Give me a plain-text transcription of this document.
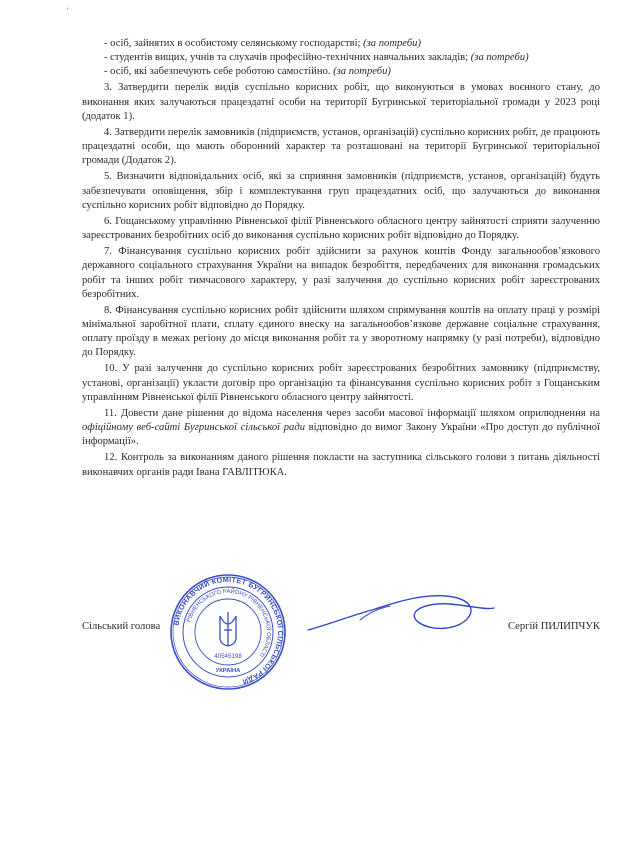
’

- осіб, зайнятих в особистому селянському господарстві; (за потреби)

- студентів вищих, учнів та слухачів професійно-технічних навчальних закладів; (за потреби)

- осіб, які забезпечують себе роботою самостійно. (за потреби)

3. Затвердити перелік видів суспільно корисних робіт, що виконуються в умовах воєнного стану, до виконання яких залучаються працездатні особи на території Бугринської територіальної громади у 2023 році (додаток 1).

4. Затвердити перелік замовників (підприємств, установ, організацій) суспільно корисних робіт, де працюють працездатні особи, що мають оборонний характер та розташовані на території Бугринської територіальної громади (Додаток 2).

5. Визначити відповідальних осіб, які за сприяння замовників (підприємств, установ, організацій) будуть забезпечувати оповіщення, збір і комплектування груп працездатних осіб, що залучаються до виконання суспільно корисних робіт відповідно до Порядку.

6. Гощанському управлінню Рівненської філії Рівненського обласного центру зайнятості сприяти залученню зареєстрованих безробітних осіб до виконання суспільно корисних робіт відповідно до Порядку.

7. Фінансування суспільно корисних робіт здійснити за рахунок коштів Фонду загальнообов’язкового державного соціального страхування України на випадок безробіття, передбачених для виконання громадських робіт та інших робіт тимчасового характеру, у разі залучення до суспільно корисних робіт зареєстрованих безробітних.

8. Фінансування суспільно корисних робіт здійснити шляхом спрямування коштів на оплату праці у розмірі мінімальної заробітної плати, сплату єдиного внеску на загальнообов’язкове державне соціальне страхування, оплату проїзду в межах регіону до місця виконання робіт та у зворотному напрямку (у разі потреби), відповідно до Порядку.

10. У разі залучення до суспільно корисних робіт зареєстрованих безробітних замовнику (підприємству, установі, організації) укласти договір про організацію та фінансування суспільно корисних робіт з Гощанським управлінням Рівненської філії Рівненського обласного центру зайнятості.

11. Довести дане рішення до відома населення через засоби масової інформації шляхом оприлюднення на офіційному веб-сайті Бугринської сільської ради відповідно до вимог Закону України «Про доступ до публічної інформації».

12. Контроль за виконанням даного рішення покласти на заступника сільського голови з питань діяльності виконавчих органів ради Івана ГАВЛІТЮКА.

ВИКОНАВЧИЙ КОМІТЕТ БУГРИНСЬКОЇ СІЛЬСЬКОЇ РАДИ
РІВНЕНСЬКОГО РАЙОНУ РІВНЕНСЬКОЇ ОБЛАСТІ
40545198
УКРАЇНА
Сільський голова	Сергій ПИЛИПЧУК
